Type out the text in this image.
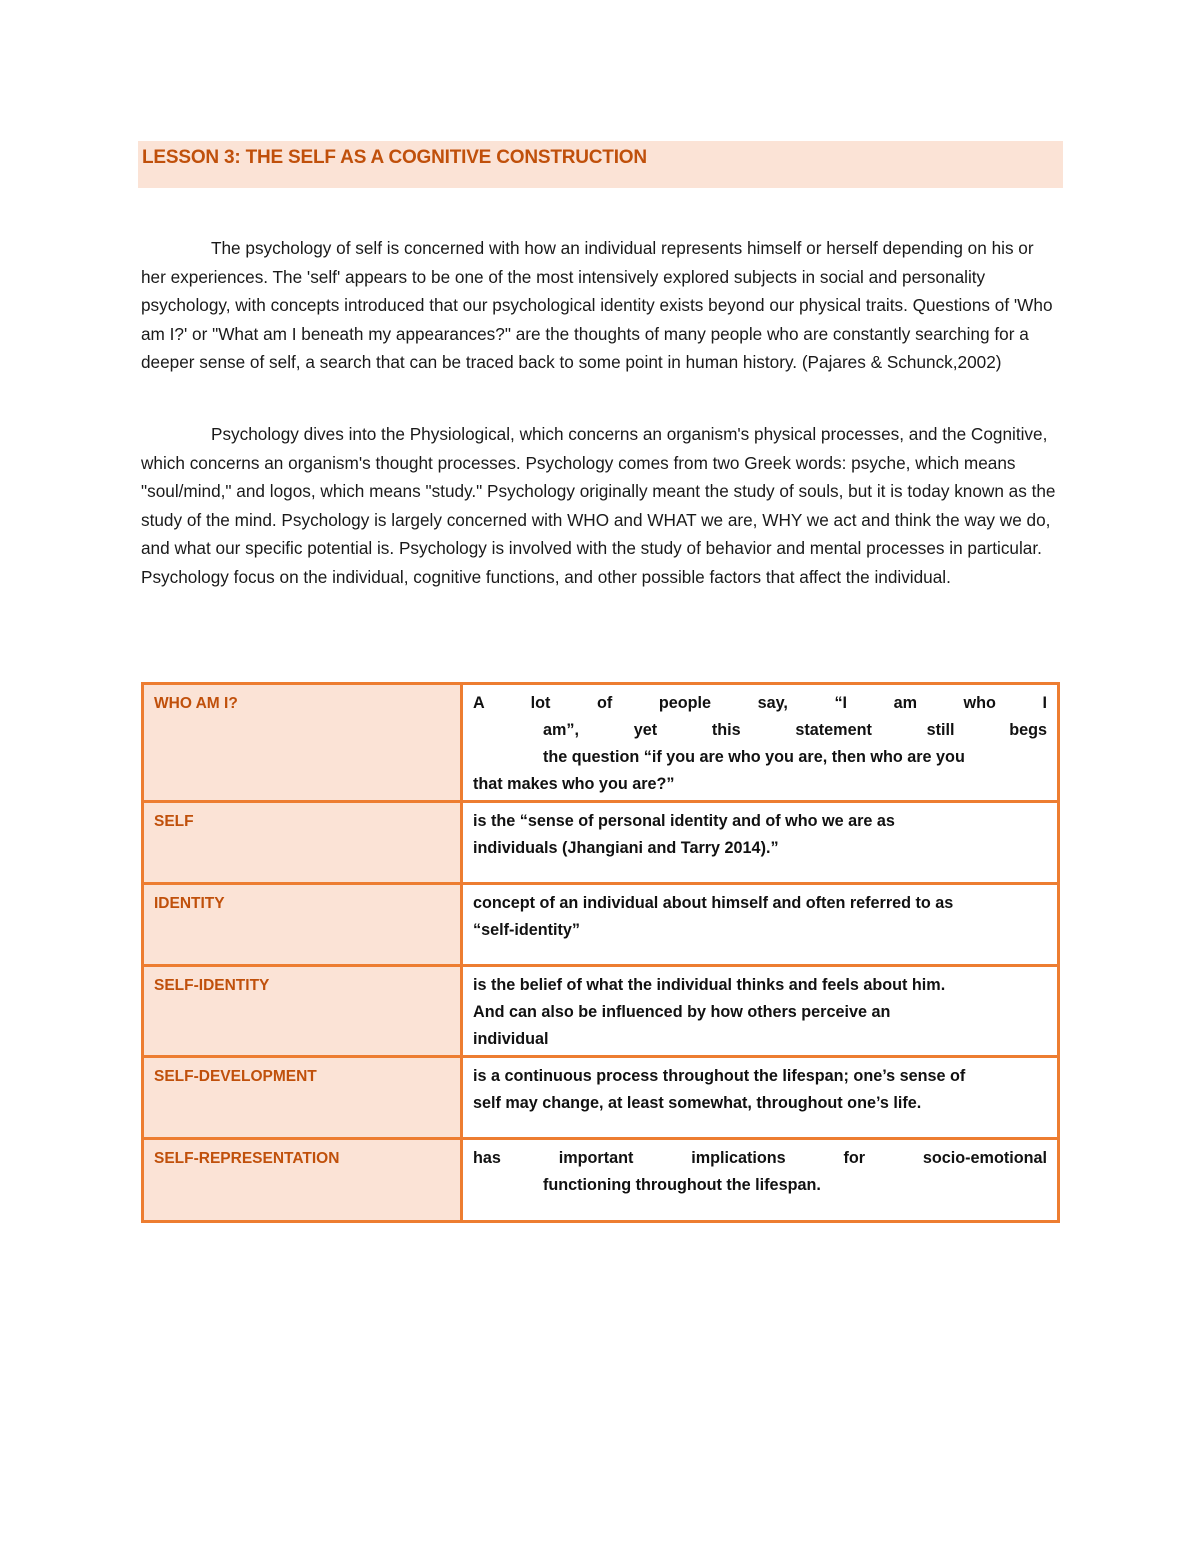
LESSON 3: THE SELF AS A COGNITIVE CONSTRUCTION

The psychology of self is concerned with how an individual represents himself or herself depending on his or her experiences. The 'self' appears to be one of the most intensively explored subjects in social and personality psychology, with concepts introduced that our psychological identity exists beyond our physical traits. Questions of 'Who am I?' or "What am I beneath my appearances?" are the thoughts of many people who are constantly searching for a deeper sense of self, a search that can be traced back to some point in human history. (Pajares & Schunck,2002)

Psychology dives into the Physiological, which concerns an organism's physical processes, and the Cognitive, which concerns an organism's thought processes. Psychology comes from two Greek words: psyche, which means "soul/mind," and logos, which means "study." Psychology originally meant the study of souls, but it is today known as the study of the mind. Psychology is largely concerned with WHO and WHAT we are, WHY we act and think the way we do, and what our specific potential is. Psychology is involved with the study of behavior and mental processes in particular. Psychology focus on the individual, cognitive functions, and other possible factors that affect the individual.

WHO AM I?	A lot of people say, “I am who I
am”, yet this statement still begs
the question “if you are who you are, then who are you
that makes who you are?”

SELF	is the “sense of personal identity and of who we are as
individuals (Jhangiani and Tarry 2014).”

IDENTITY	concept of an individual about himself and often referred to as
“self-identity”

SELF-IDENTITY	is the belief of what the individual thinks and feels about him.
And can also be influenced by how others perceive an
individual

SELF-DEVELOPMENT	is a continuous process throughout the lifespan; one’s sense of
self may change, at least somewhat, throughout one’s life.

SELF-REPRESENTATION	has important implications for socio-emotional
functioning throughout the lifespan.
